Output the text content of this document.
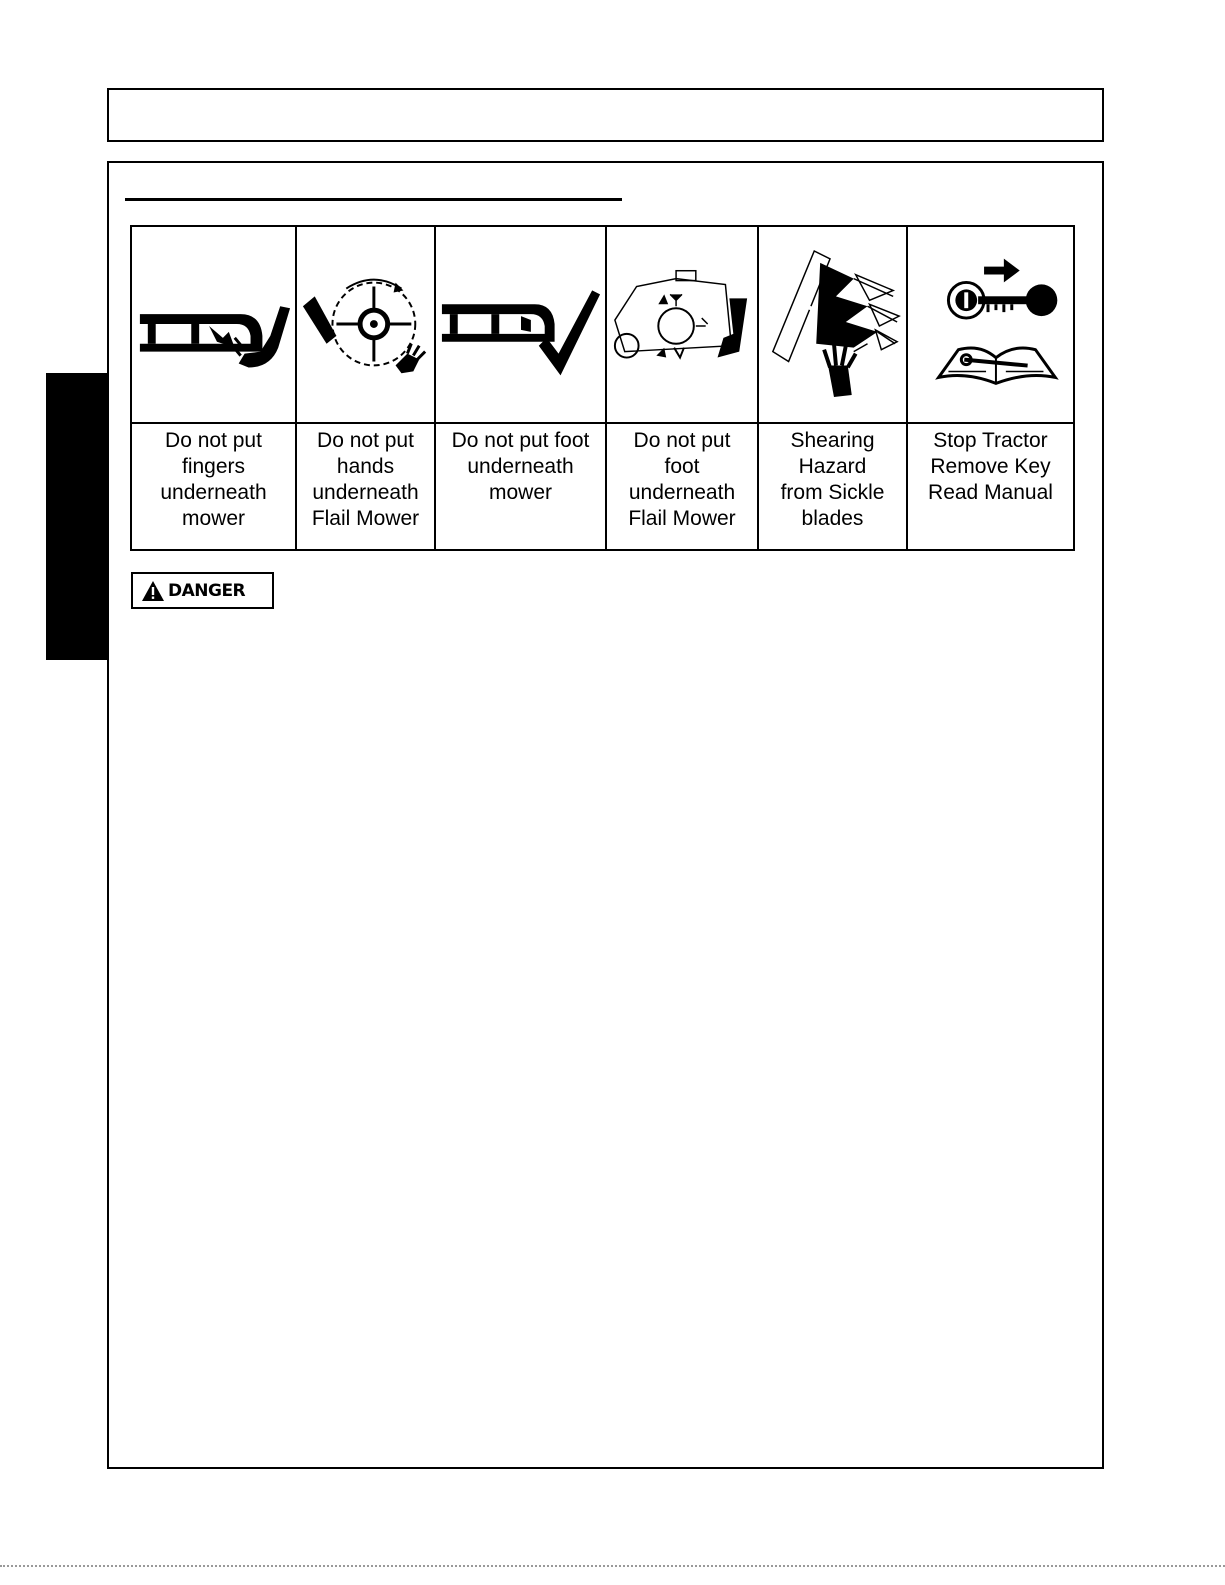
Do not put
fingers
underneath
mower
Do not put
hands
underneath
Flail Mower
Do not put foot
underneath
mower
Do not put
foot
underneath
Flail Mower
Shearing
Hazard
from Sickle
blades
Stop Tractor
Remove Key
Read Manual
DANGER
